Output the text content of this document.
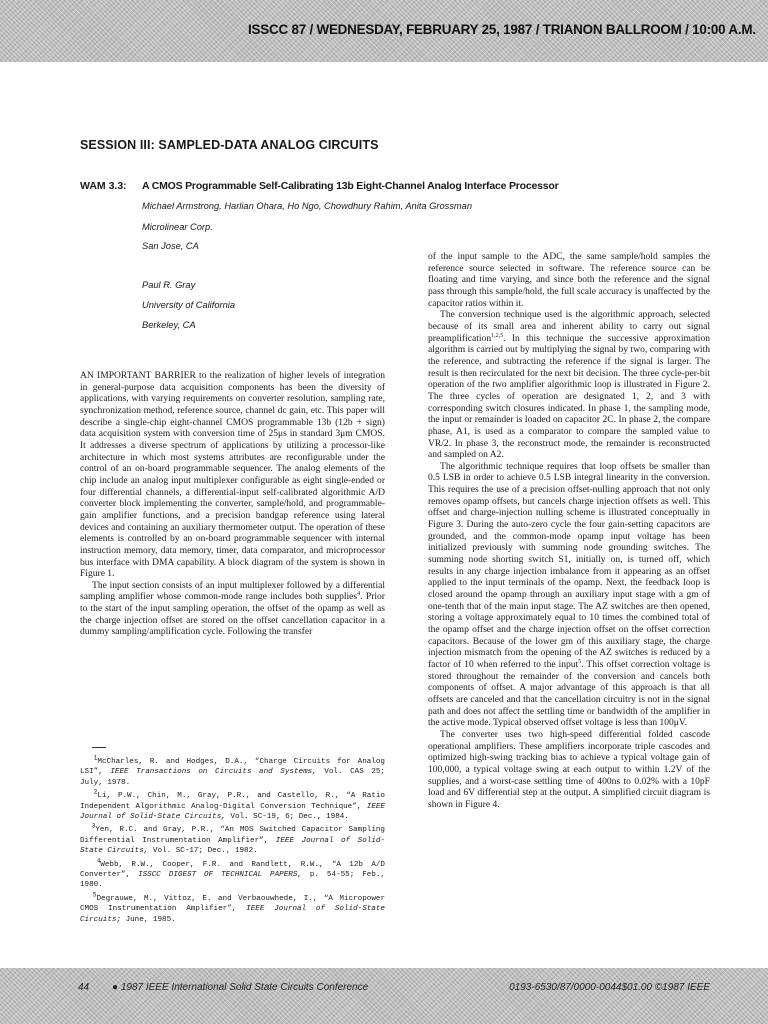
ISSCC 87 / WEDNESDAY, FEBRUARY 25, 1987 / TRIANON BALLROOM / 10:00 A.M.
SESSION III: SAMPLED-DATA ANALOG CIRCUITS
WAM 3.3: A CMOS Programmable Self-Calibrating 13b Eight-Channel Analog Interface Processor
Michael Armstrong, Harlian Ohara, Ho Ngo, Chowdhury Rahim, Anita Grossman
Microlinear Corp.
San Jose, CA
Paul R. Gray
University of California
Berkeley, CA

AN IMPORTANT BARRIER to the realization of higher levels of integration in general-purpose data acquisition components has been the diversity of applications, with varying requirements on converter resolution, sampling rate, synchronization method, reference source, channel dc gain, etc. This paper will describe a single-chip eight-channel CMOS programmable 13b (12b + sign) data acquisition system with conversion time of 25μs in standard 3μm CMOS. It addresses a diverse spectrum of applications by utilizing a processor-like architecture in which most systems attributes are reconfigurable under the control of an on-board programmable sequencer. The analog elements of the chip include an analog input multiplexer configurable as eight single-ended or four differential channels, a differential-input self-calibrated algorithmic A/D converter block implementing the converter, sample/hold, and programmable-gain amplifier functions, and a precision bandgap reference using lateral devices and containing an auxiliary thermometer output. The operation of these elements is controlled by an on-board programmable sequencer with internal instruction memory, data memory, timer, data comparator, and microprocessor bus interface with DMA capability. A block diagram of the system is shown in Figure 1.

The input section consists of an input multiplexer followed by a differential sampling amplifier whose common-mode range includes both supplies$^4$. Prior to the start of the input sampling operation, the offset of the opamp as well as the charge injection offset are stored on the offset cancellation capacitor in a dummy sampling/amplification cycle. Following the transfer

$^1$McCharles, R. and Hodges, D.A., “Charge Circuits for Analog LSI”, IEEE Transactions on Circuits and Systems, Vol. CAS 25; July, 1978.

$^2$Li, P.W., Chin, M., Gray, P.R., and Castello, R., “A Ratio Independent Algorithmic Analog-Digital Conversion Technique”, IEEE Journal of Solid-State Circuits, Vol. SC-19, 6; Dec., 1984.

$^3$Yen, R.C. and Gray, P.R., “An MOS Switched Capacitor Sampling Differential Instrumentation Amplifier”, IEEE Journal of Solid-State Circuits, Vol. SC-17; Dec., 1982.

$^4$Webb, R.W., Cooper, F.R. and Randlett, R.W., “A 12b A/D Converter”, ISSCC DIGEST OF TECHNICAL PAPERS, p. 54-55; Feb., 1980.

$^5$Degrauwe, M., Vittoz, E. and Verbaouwhede, I., “A Micropower CMOS Instrumentation Amplifier”, IEEE Journal of Solid-State Circuits; June, 1985.

of the input sample to the ADC, the same sample/hold samples the reference source selected in software. The reference source can be floating and time varying, and since both the reference and the signal pass through this sample/hold, the full scale accuracy is unaffected by the capacitor ratios within it.

The conversion technique used is the algorithmic approach, selected because of its small area and inherent ability to carry out signal preamplification$^{1,2,5}$. In this technique the successive approximation algorithm is carried out by multiplying the signal by two, comparing with the reference, and subtracting the reference if the signal is larger. The result is then recirculated for the next bit decision. The three cycle-per-bit operation of the two amplifier algorithmic loop is illustrated in Figure 2. The three cycles of operation are designated 1, 2, and 3 with corresponding switch closures indicated. In phase 1, the sampling mode, the input or remainder is loaded on capacitor 2C. In phase 2, the compare phase, A1, is used as a comparator to compare the sampled value to VR/2. In phase 3, the reconstruct mode, the remainder is reconstructed and sampled on A2.

The algorithmic technique requires that loop offsets be smaller than 0.5 LSB in order to achieve 0.5 LSB integral linearity in the conversion. This requires the use of a precision offset-nulling approach that not only removes opamp offsets, but cancels charge injection offsets as well. This offset and charge-injection nulling scheme is illustrated conceptually in Figure 3. During the auto-zero cycle the four gain-setting capacitors are grounded, and the common-mode opamp input voltage has been initialized previously with summing node grounding switches. The summing node shorting switch S1, initially on, is turned off, which results in any charge injection imbalance from it appearing as an offset applied to the input terminals of the opamp. Next, the feedback loop is closed around the opamp through an auxiliary input stage with a gm of one-tenth that of the main input stage. The AZ switches are then opened, storing a voltage approximately equal to 10 times the combined total of the opamp offset and the charge injection offset on the offset correction capacitors. Because of the lower gm of this auxiliary stage, the charge injection mismatch from the opening of the AZ switches is reduced by a factor of 10 when referred to the input$^5$. This offset correction voltage is stored throughout the remainder of the conversion and cancels both components of offset. A major advantage of this approach is that all offsets are canceled and that the cancellation circuitry is not in the signal path and does not affect the settling time or bandwidth of the amplifier in the active mode. Typical observed offset voltage is less than 100μV.

The converter uses two high-speed differential folded cascode operational amplifiers. These amplifiers incorporate triple cascodes and optimized high-swing tracking bias to achieve a typical voltage gain of 100,000, a typical voltage swing at each output to within 1.2V of the supplies, and a worst-case settling time of 400ns to 0.02% with a 10pF load and 6V differential step at the output. A simplified circuit diagram is shown in Figure 4.

44 ● 1987 IEEE International Solid State Circuits Conference	0193-6530/87/0000-0044$01.00 ©1987 IEEE
